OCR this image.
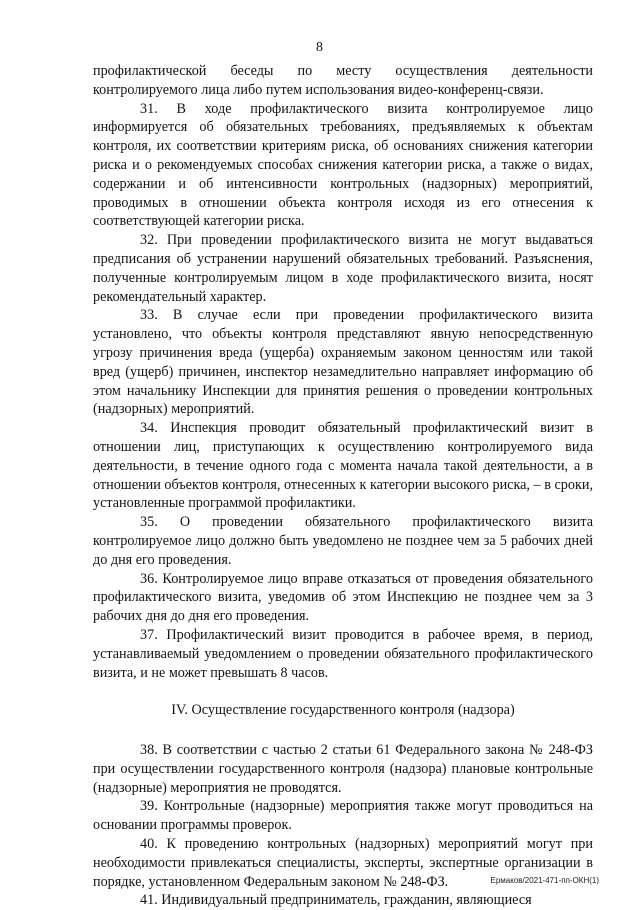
8

профилактической беседы по месту осуществления деятельности контролируемого лица либо путем использования видео-конференц-связи.

31. В ходе профилактического визита контролируемое лицо информируется об обязательных требованиях, предъявляемых к объектам контроля, их соответствии критериям риска, об основаниях снижения категории риска и о рекомендуемых способах снижения категории риска, а также о видах, содержании и об интенсивности контрольных (надзорных) мероприятий, проводимых в отношении объекта контроля исходя из его отнесения к соответствующей категории риска.

32. При проведении профилактического визита не могут выдаваться предписания об устранении нарушений обязательных требований. Разъяснения, полученные контролируемым лицом в ходе профилактического визита, носят рекомендательный характер.

33. В случае если при проведении профилактического визита установлено, что объекты контроля представляют явную непосредственную угрозу причинения вреда (ущерба) охраняемым законом ценностям или такой вред (ущерб) причинен, инспектор незамедлительно направляет информацию об этом начальнику Инспекции для принятия решения о проведении контрольных (надзорных) мероприятий.

34. Инспекция проводит обязательный профилактический визит в отношении лиц, приступающих к осуществлению контролируемого вида деятельности, в течение одного года с момента начала такой деятельности, а в отношении объектов контроля, отнесенных к категории высокого риска, – в сроки, установленные программой профилактики.

35. О проведении обязательного профилактического визита контролируемое лицо должно быть уведомлено не позднее чем за 5 рабочих дней до дня его проведения.

36. Контролируемое лицо вправе отказаться от проведения обязательного профилактического визита, уведомив об этом Инспекцию не позднее чем за 3 рабочих дня до дня его проведения.

37. Профилактический визит проводится в рабочее время, в период, устанавливаемый уведомлением о проведении обязательного профилактического визита, и не может превышать 8 часов.

IV. Осуществление государственного контроля (надзора)

38. В соответствии с частью 2 статьи 61 Федерального закона № 248-ФЗ при осуществлении государственного контроля (надзора) плановые контрольные (надзорные) мероприятия не проводятся.

39. Контрольные (надзорные) мероприятия также могут проводиться на основании программы проверок.

40. К проведению контрольных (надзорных) мероприятий могут при необходимости привлекаться специалисты, эксперты, экспертные организации в порядке, установленном Федеральным законом № 248-ФЗ.

41. Индивидуальный предприниматель, гражданин, являющиеся

Ермаков/2021-471-пп-ОКН(1)
